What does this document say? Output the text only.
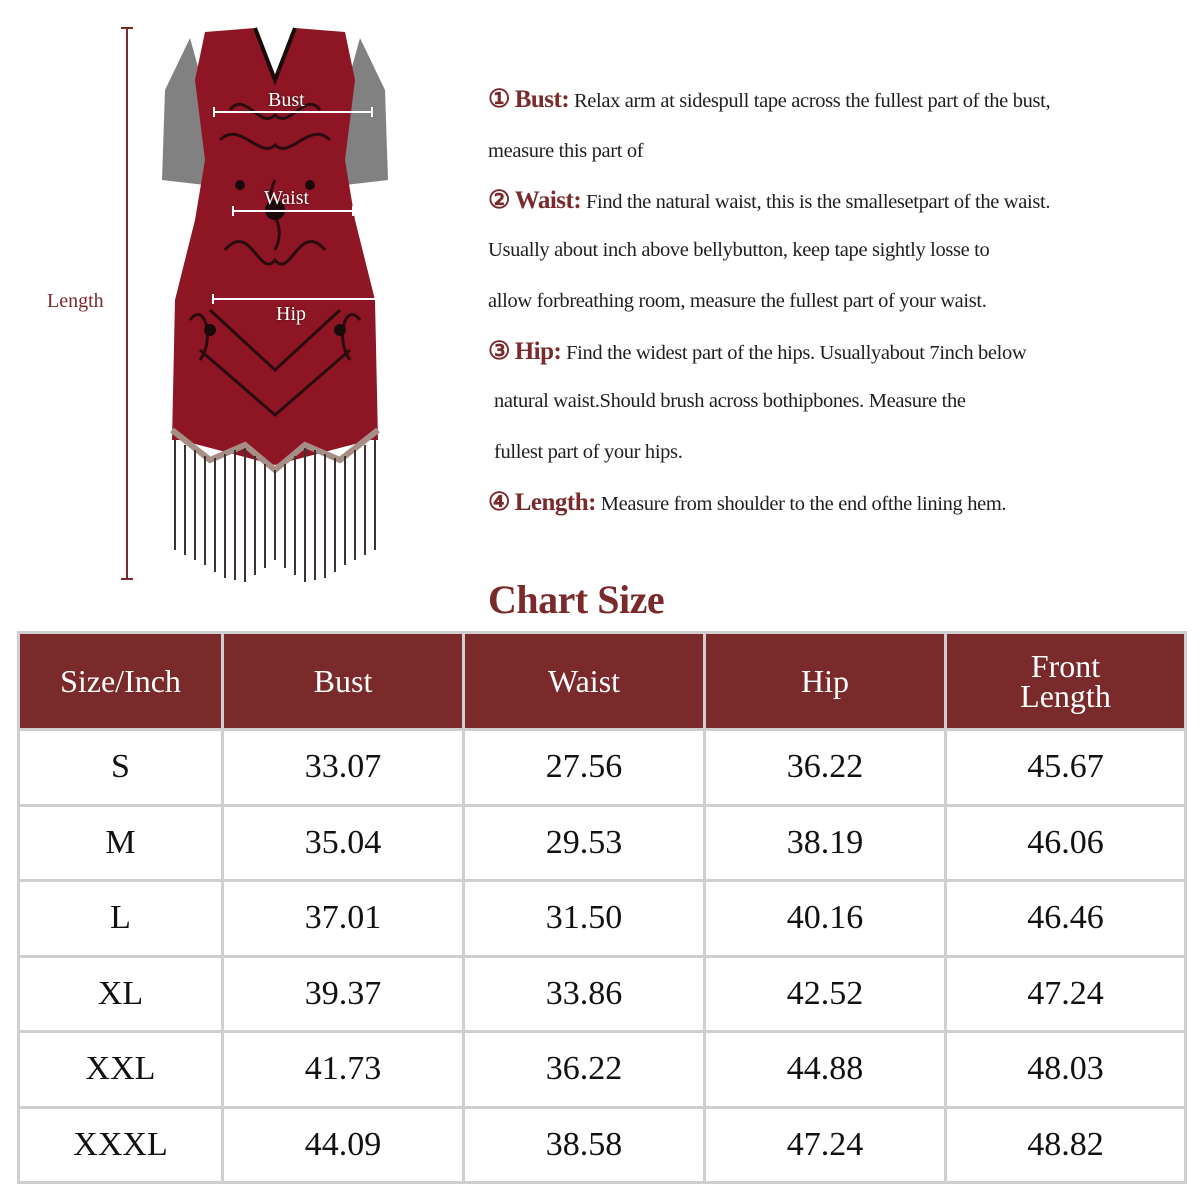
Length
Bust
Waist
Hip
① Bust: Relax arm at sidespull tape across the fullest part of the bust,
measure this part of
② Waist: Find the natural waist, this is the smallesetpart of the waist.
Usually about inch above bellybutton, keep tape sightly losse to
allow forbreathing room, measure the fullest part of your waist.
③ Hip: Find the widest part of the hips. Usuallyabout 7inch below
natural waist.Should brush across bothipbones. Measure the
fullest part of your hips.
④ Length: Measure from shoulder to the end ofthe lining hem.
Chart Size
Size/Inch	Bust	Waist	Hip	Front Length
S	33.07	27.56	36.22	45.67
M	35.04	29.53	38.19	46.06
L	37.01	31.50	40.16	46.46
XL	39.37	33.86	42.52	47.24
XXL	41.73	36.22	44.88	48.03
XXXL	44.09	38.58	47.24	48.82
